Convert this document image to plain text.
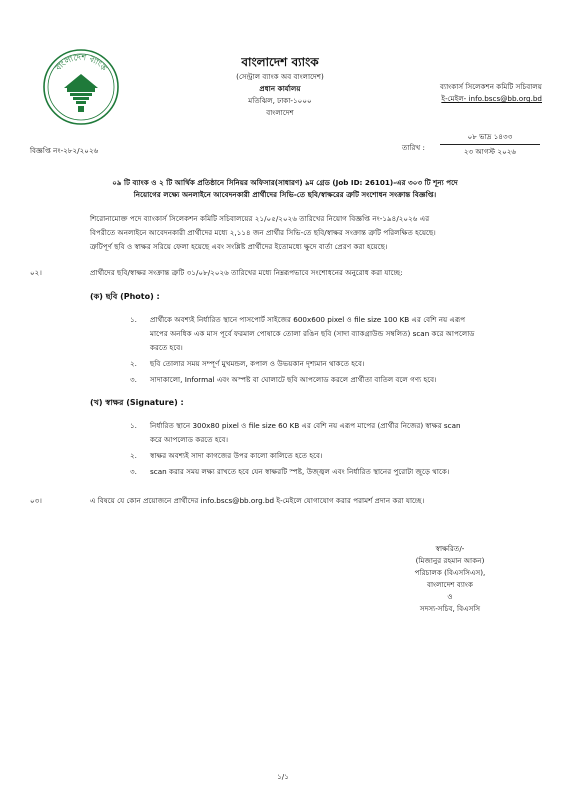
বাংলাদেশ ব্যাংক	বাংলাদেশ ব্যাংক
(সেন্ট্রাল ব্যাংক অব বাংলাদেশ)
প্রধান কার্যালয়
মতিঝিল, ঢাকা-১০০০
বাংলাদেশ
ব্যাংকার্স সিলেকশন কমিটি সচিবালয়
ই-মেইল- info.bscs@bb.org.bd
০৮ ভাদ্র ১৪৩৩
তারিখ :	২৩ আগস্ট ২০২৬
বিজ্ঞপ্তি নং-২৮২/২০২৬
০৯ টি ব্যাংক ও ২ টি আর্থিক প্রতিষ্ঠানে সিনিয়র অফিসার(সাধারণ) ৯ম গ্রেড (Job ID: 26101)-এর ৩০৩ টি শূন্য পদে
নিয়োগের লক্ষ্যে অনলাইনে আবেদনকারী প্রার্থীদের সিভি-তে ছবি/স্বাক্ষরের ত্রুটি সংশোধন সংক্রান্ত বিজ্ঞপ্তি।
শিরোনামোক্ত পদে ব্যাংকার্স সিলেকশন কমিটি সচিবালয়ের ২১/০৫/২০২৬ তারিখের নিয়োগ বিজ্ঞপ্তি নং-১৯৪/২০২৬ এর
বিপরীতে অনলাইনে আবেদনকারী প্রার্থীদের মধ্যে ২,১১৪ জন প্রার্থীর সিভি-তে ছবি/স্বাক্ষর সংক্রান্ত ত্রুটি পরিলক্ষিত হয়েছে।
ত্রুটিপূর্ণ ছবি ও স্বাক্ষর সরিয়ে ফেলা হয়েছে এবং সংশ্লিষ্ট প্রার্থীদের ইতোমধ্যে ক্ষুদে বার্তা প্রেরণ করা হয়েছে।
০২।	প্রার্থীদের ছবি/স্বাক্ষর সংক্রান্ত ত্রুটি ৩১/০৮/২০২৬ তারিখের মধ্যে নিম্নরূপভাবে সংশোধনের অনুরোধ করা যাচ্ছে:
(ক) ছবি (Photo) :
১.	প্রার্থীকে অবশ্যই নির্ধারিত স্থানে পাসপোর্ট সাইজের 600x600 pixel ও file size 100 KB এর বেশি নয় এরূপ
মাপের অনধিক এক মাস পূর্বে ফরমাল পোষাকে তোলা রঙিন ছবি (সাদা ব্যাকগ্রাউন্ড সম্বলিত) scan করে আপলোড
করতে হবে।
২.	ছবি তোলার সময় সম্পূর্ণ মুখমন্ডল, কপাল ও উভয়কান দৃশ্যমান থাকতে হবে।
৩.	সাদাকালো, Informal এবং অস্পষ্ট বা ঘোলাটে ছবি আপলোড করলে প্রার্থীতা বাতিল বলে গণ্য হবে।
(খ) স্বাক্ষর (Signature) :
১.	নির্ধারিত স্থানে 300x80 pixel ও file size 60 KB এর বেশি নয় এরূপ মাপের (প্রার্থীর নিজের) স্বাক্ষর scan
করে আপলোড করতে হবে।
২.	স্বাক্ষর অবশ্যই সাদা কাগজের উপর কালো কালিতে হতে হবে।
৩.	scan করার সময় লক্ষ্য রাখতে হবে যেন স্বাক্ষরটি স্পষ্ট, উজ্জ্বল এবং নির্ধারিত স্থানের পুরোটা জুড়ে থাকে।
০৩।	এ বিষয়ে যে কোন প্রয়োজনে প্রার্থীদের info.bscs@bb.org.bd ই-মেইলে যোগাযোগ করার পরামর্শ প্রদান করা যাচ্ছে।
স্বাক্ষরিত/-
(মিজানুর রহমান আকন)
পরিচালক (বিএসসিএস),
বাংলাদেশ ব্যাংক
ও
সদস্য-সচিব, বিএসসি
১/১
